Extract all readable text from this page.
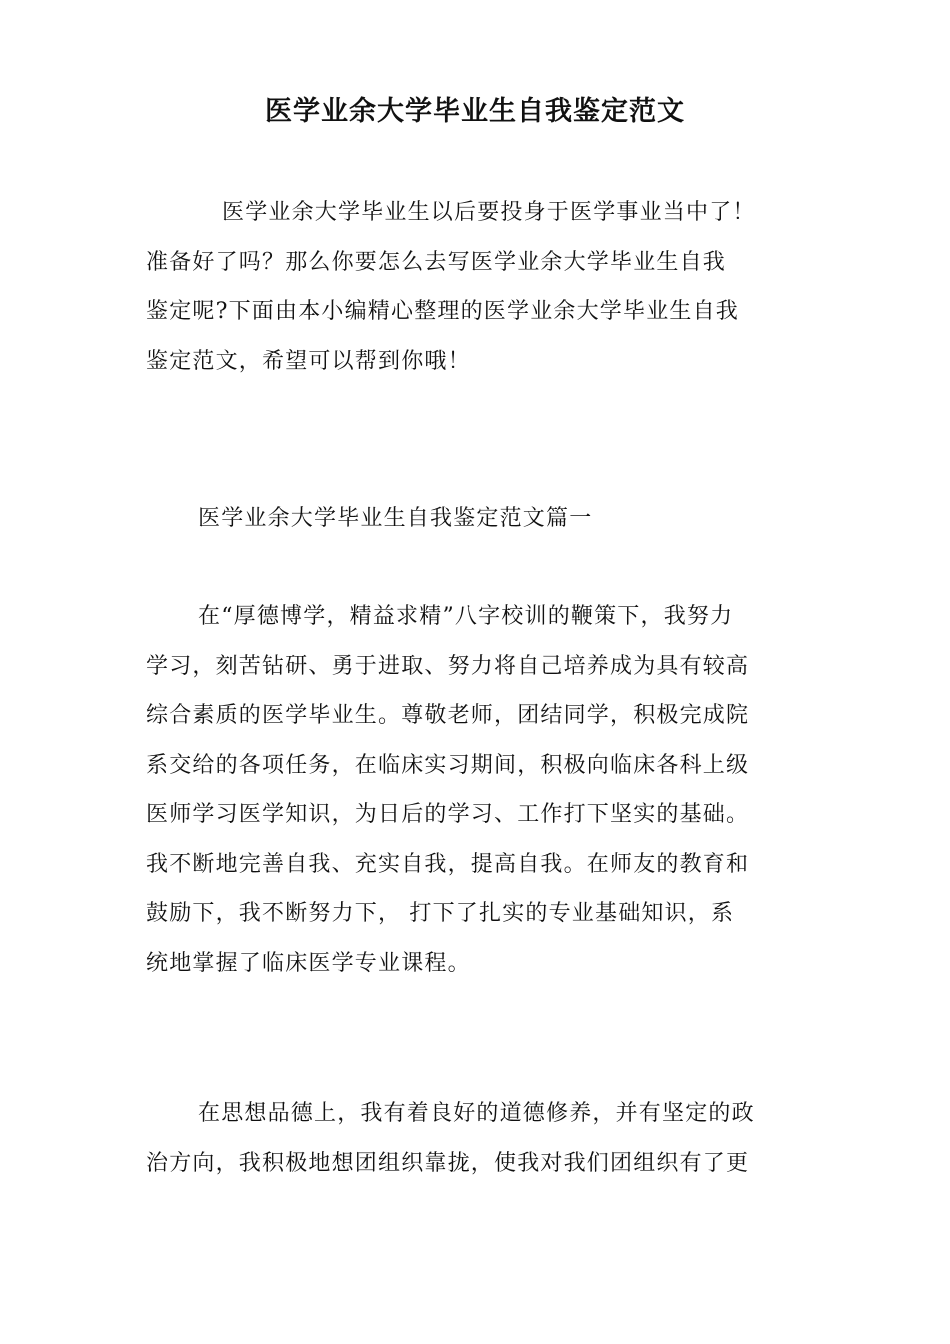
医学业余大学毕业生自我鉴定范文
医学业余大学毕业生以后要投身于医学事业当中了！
准备好了吗？那么你要怎么去写医学业余大学毕业生自我
鉴定呢?下面由本小编精心整理的医学业余大学毕业生自我
鉴定范文，希望可以帮到你哦！
医学业余大学毕业生自我鉴定范文篇一
在“厚德博学，精益求精”八字校训的鞭策下，我努力
学习，刻苦钻研、勇于进取、努力将自己培养成为具有较高
综合素质的医学毕业生。尊敬老师，团结同学，积极完成院
系交给的各项任务，在临床实习期间，积极向临床各科上级
医师学习医学知识，为日后的学习、工作打下坚实的基础。
我不断地完善自我、充实自我，提高自我。在师友的教育和
鼓励下，我不断努力下， 打下了扎实的专业基础知识，系
统地掌握了临床医学专业课程。
在思想品德上，我有着良好的道德修养，并有坚定的政
治方向，我积极地想团组织靠拢，使我对我们团组织有了更
